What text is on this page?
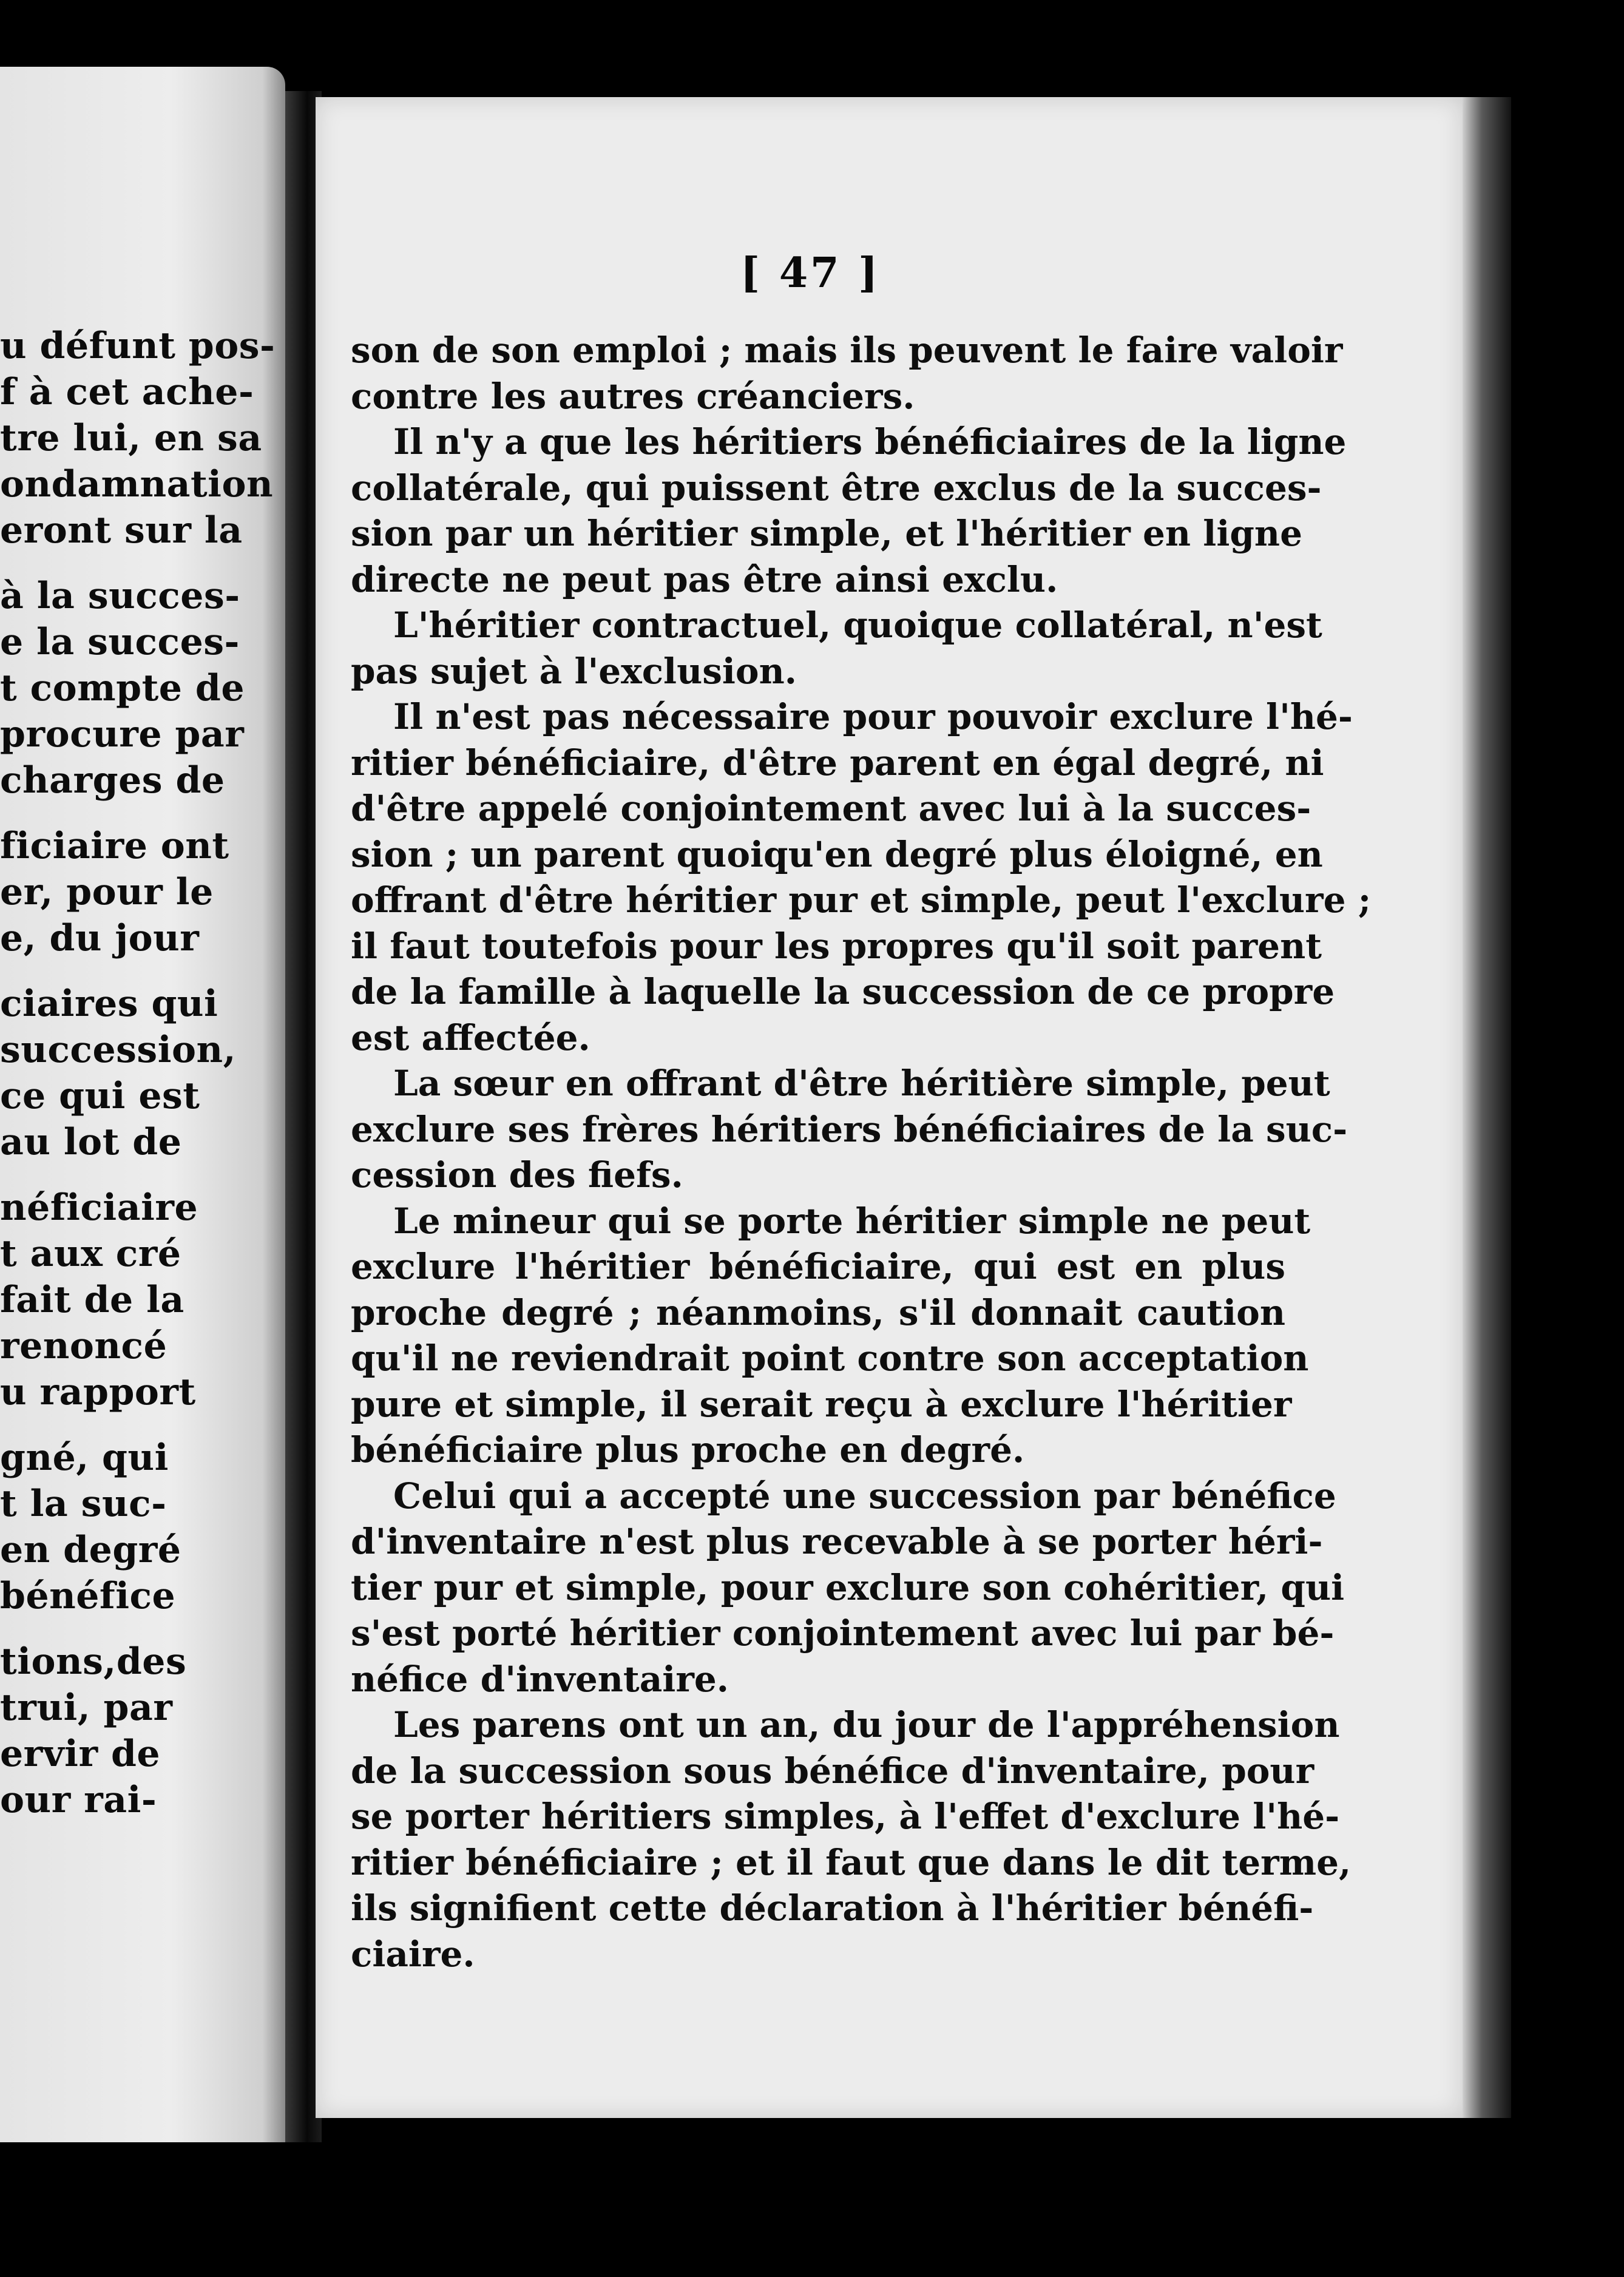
u défunt pos-
f à cet ache-
tre lui, en sa
ondamnation
eront sur la
à la succes-
e la succes-
t compte de
procure par
charges de
ficiaire ont
er, pour le
e, du jour
ciaires qui
succession,
ce qui est
au lot de
néficiaire
t aux cré
fait de la
renoncé
u rapport
gné, qui
t la suc-
en degré
bénéfice
tions,des
trui, par
ervir de
our rai-
[ 47 ]
son de son emploi ; mais ils peuvent le faire valoir
contre les autres créanciers.
Il n'y a que les héritiers bénéficiaires de la ligne
collatérale, qui puissent être exclus de la succes-
sion par un héritier simple, et l'héritier en ligne
directe ne peut pas être ainsi exclu.
L'héritier contractuel, quoique collatéral, n'est
pas sujet à l'exclusion.
Il n'est pas nécessaire pour pouvoir exclure l'hé-
ritier bénéficiaire, d'être parent en égal degré, ni
d'être appelé conjointement avec lui à la succes-
sion ; un parent quoiqu'en degré plus éloigné, en
offrant d'être héritier pur et simple, peut l'exclure ;
il faut toutefois pour les propres qu'il soit parent
de la famille à laquelle la succession de ce propre
est affectée.
La sœur en offrant d'être héritière simple, peut
exclure ses frères héritiers bénéficiaires de la suc-
cession des fiefs.
Le mineur qui se porte héritier simple ne peut
exclure l'héritier bénéficiaire, qui est en plus
proche degré ; néanmoins, s'il donnait caution
qu'il ne reviendrait point contre son acceptation
pure et simple, il serait reçu à exclure l'héritier
bénéficiaire plus proche en degré.
Celui qui a accepté une succession par bénéfice
d'inventaire n'est plus recevable à se porter héri-
tier pur et simple, pour exclure son cohéritier, qui
s'est porté héritier conjointement avec lui par bé-
néfice d'inventaire.
Les parens ont un an, du jour de l'appréhension
de la succession sous bénéfice d'inventaire, pour
se porter héritiers simples, à l'effet d'exclure l'hé-
ritier bénéficiaire ; et il faut que dans le dit terme,
ils signifient cette déclaration à l'héritier bénéfi-
ciaire.
